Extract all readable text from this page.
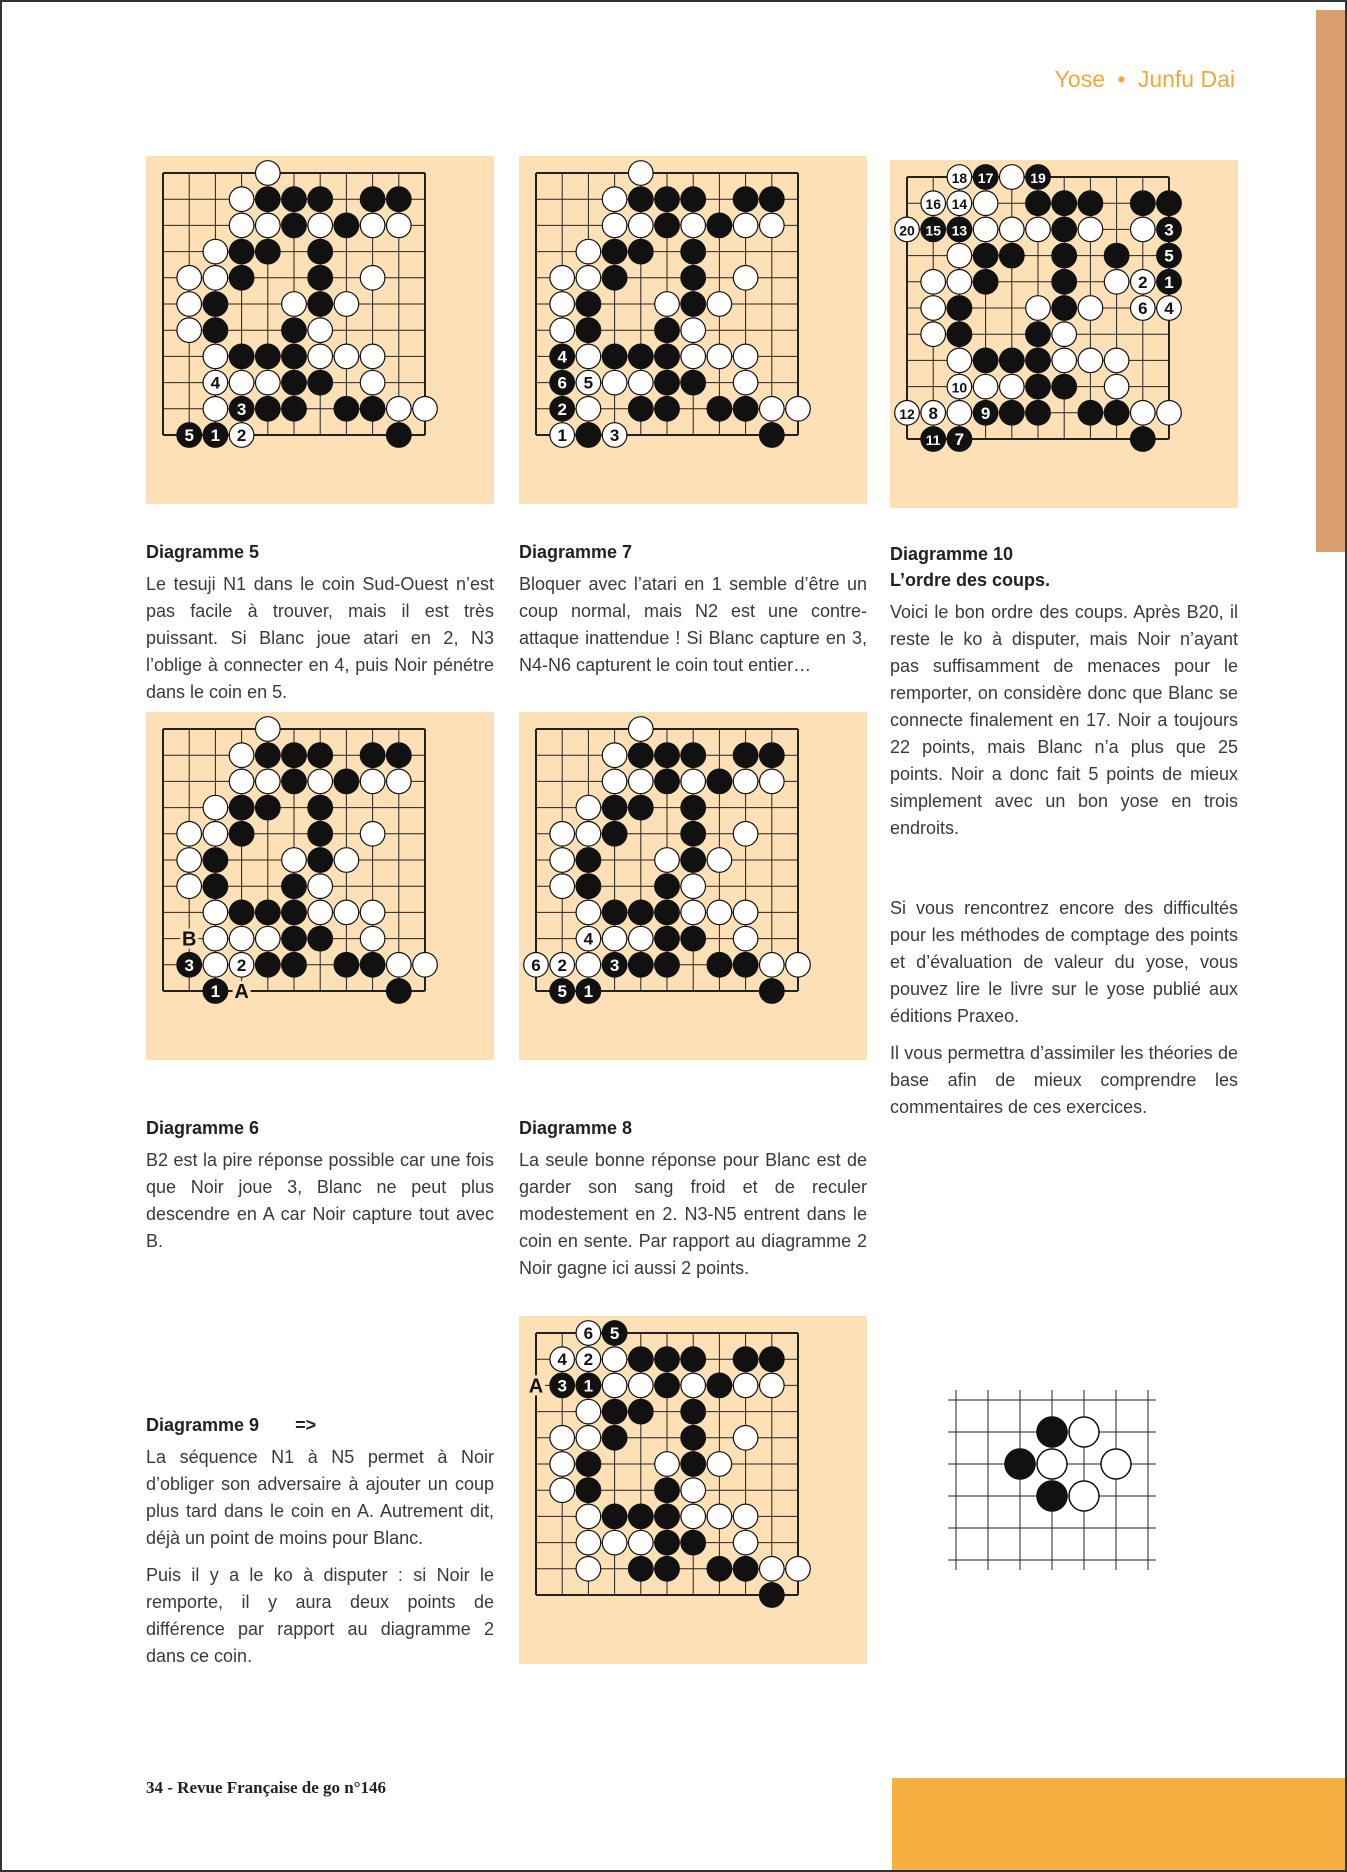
Yose • Junfu Dai
1 2
3
4
5	1
2
3
4
5
6
1
2
3
4
5
6
7
8	9
10
11
12
13
14
15
16
17
18	19
20
1
2
3
A
B
1
2	3
4
5
6
1
2
3
4
5
6
A
Diagramme 5

Le tesuji N1 dans le coin Sud-Ouest n’est pas facile à trouver, mais il est très puissant. Si Blanc joue atari en 2, N3 l’oblige à connecter en 4, puis Noir pénétre dans le coin en 5.

Diagramme 7

Bloquer avec l’atari en 1 semble d’être un coup normal, mais N2 est une contre-attaque inattendue ! Si Blanc capture en 3, N4-N6 capturent le coin tout entier…

Diagramme 10
L’ordre des coups.

Voici le bon ordre des coups. Après B20, il reste le ko à disputer, mais Noir n’ayant pas suffisamment de menaces pour le remporter, on considère donc que Blanc se connecte finalement en 17. Noir a toujours 22 points, mais Blanc n’a plus que 25 points. Noir a donc fait 5 points de mieux simplement avec un bon yose en trois endroits.

Si vous rencontrez encore des difficultés pour les méthodes de comptage des points et d’évaluation de valeur du yose, vous pouvez lire le livre sur le yose publié aux éditions Praxeo.

Il vous permettra d’assimiler les théories de base afin de mieux comprendre les commentaires de ces exercices.

Diagramme 6

B2 est la pire réponse possible car une fois que Noir joue 3, Blanc ne peut plus descendre en A car Noir capture tout avec B.

Diagramme 8

La seule bonne réponse pour Blanc est de garder son sang froid et de reculer modestement en 2. N3-N5 entrent dans le coin en sente. Par rapport au diagramme 2 Noir gagne ici aussi 2 points.

Diagramme 9 =>

La séquence N1 à N5 permet à Noir d’obliger son adversaire à ajouter un coup plus tard dans le coin en A. Autrement dit, déjà un point de moins pour Blanc.

Puis il y a le ko à disputer : si Noir le remporte, il y aura deux points de différence par rapport au diagramme 2 dans ce coin.

34 - Revue Française de go n°146
